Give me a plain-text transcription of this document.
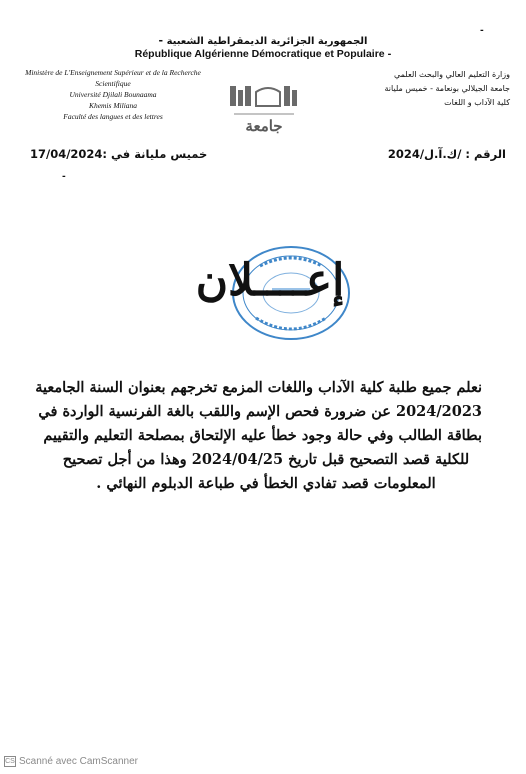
الجمهورية الجزائرية الديمقراطية الشعبية -
République Algérienne Démocratique et Populaire -
-
Ministère de L'Enseignement Supérieur et de la Recherche
Scientifique
Université Djilali Bounaama
Khemis Miliana
Faculté des langues et des lettres
جامعة
وزارة التعليم العالي والبحث العلمي
جامعة الجيلالي بونعامة - خميس مليانة
كلية الآداب و اللغات
خميس مليانة في :17/04/2024	الرقم : /ك.آ.ل/2024
-
إعــــلان
نعلم جميع طلبة كلية الآداب واللغات المزمع تخرجهم بعنوان السنة الجامعية
2024/2023 عن ضرورة فحص الإسم واللقب بالغة الفرنسية الواردة في
بطاقة الطالب وفي حالة وجود خطأ عليه الإلتحاق بمصلحة التعليم والتقييم
للكلية قصد التصحيح قبل تاريخ 2024/04/25 وهذا من أجل تصحيح
المعلومات قصد تفادي الخطأ في طباعة الدبلوم النهائي .
CS Scanné avec CamScanner
